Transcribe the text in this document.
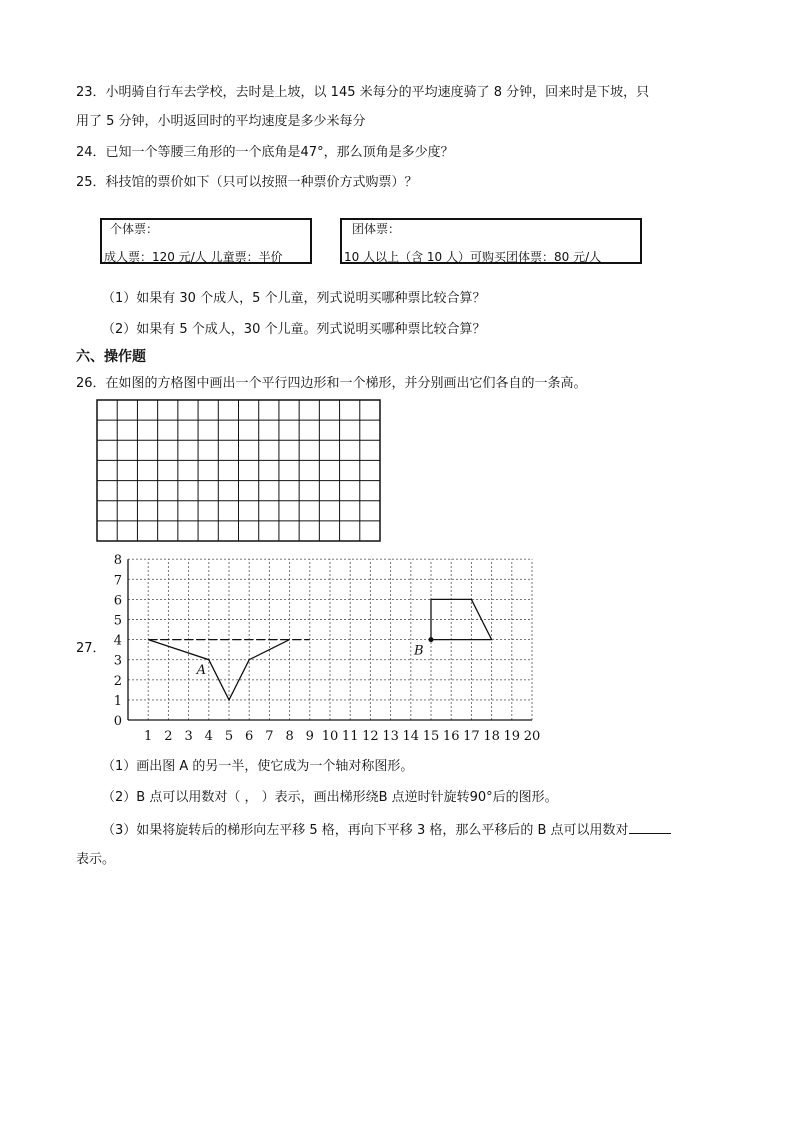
23．小明骑自行车去学校，去时是上坡，以 145 米每分的平均速度骑了 8 分钟，回来时是下坡，只
用了 5 分钟，小明返回时的平均速度是多少米每分
24．已知一个等腰三角形的一个底角是47°，那么顶角是多少度？
25．科技馆的票价如下（只可以按照一种票价方式购票）？
个体票：
成人票：120 元/人 儿童票：半价
团体票：
10 人以上（含 10 人）可购买团体票：80 元/人
（1）如果有 30 个成人，5 个儿童，列式说明买哪种票比较合算？
（2）如果有 5 个成人，30 个儿童。列式说明买哪种票比较合算？
六、操作题
26．在如图的方格图中画出一个平行四边形和一个梯形，并分别画出它们各自的一条高。
1 2 3 4 5 6 7 8 9 10 11 12 13 14 15 16 17 18 19 20
0
1
2
3
4
5
6
7
8
A
B
27．
（1）画出图 A 的另一半，使它成为一个轴对称图形。
（2）B 点可以用数对（ ， ）表示，画出梯形绕B 点逆时针旋转90°后的图形。
（3）如果将旋转后的梯形向左平移 5 格，再向下平移 3 格，那么平移后的 B 点可以用数对
表示。
